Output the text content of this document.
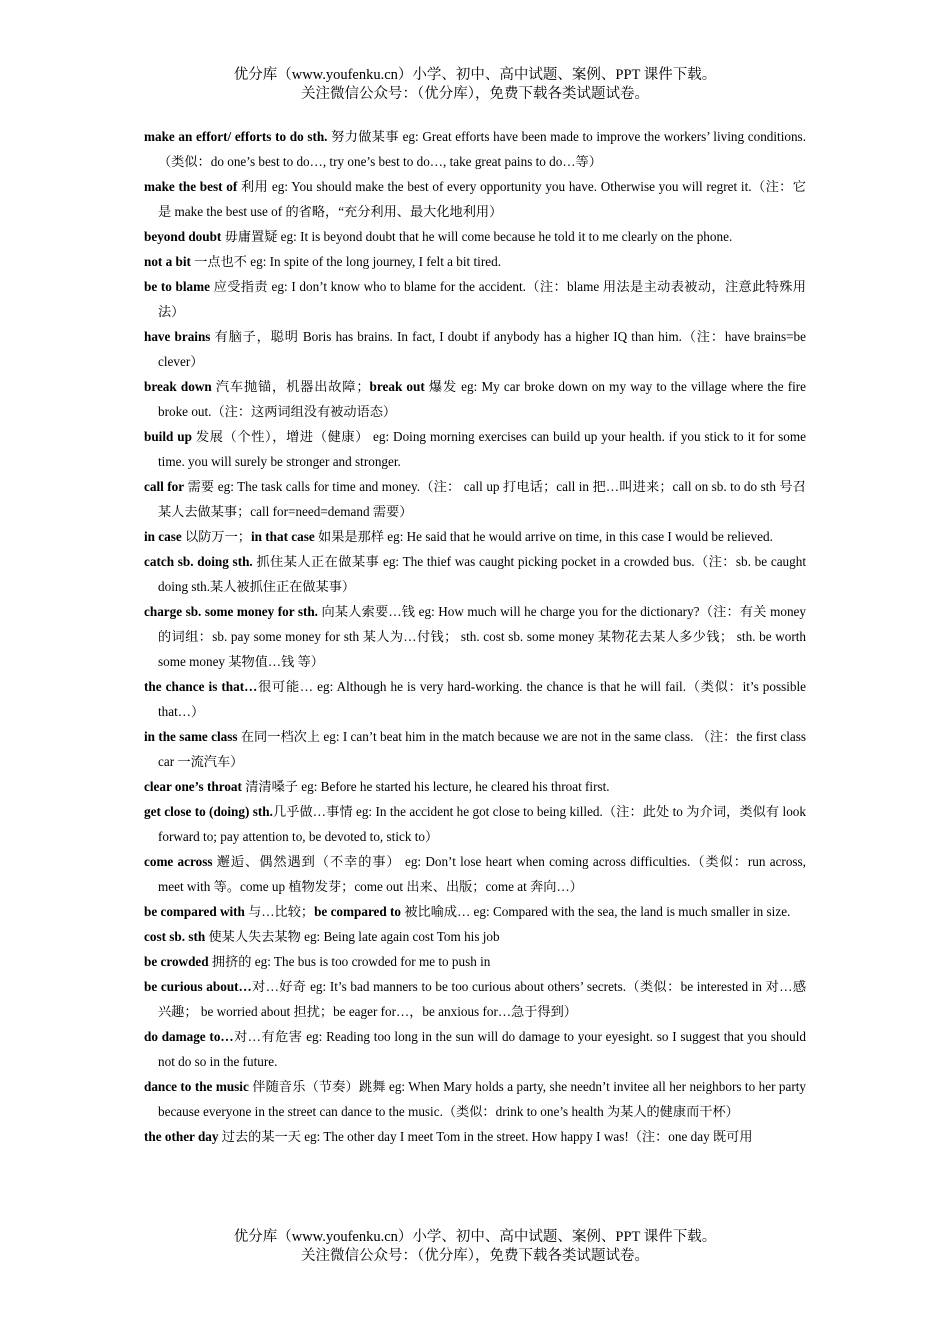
优分库（www.youfenku.cn）小学、初中、高中试题、案例、PPT 课件下载。
关注微信公众号：（优分库），免费下载各类试题试卷。

make an effort/ efforts to do sth. 努力做某事 eg: Great efforts have been made to improve the workers’ living conditions.（类似：do one’s best to do…, try one’s best to do…, take great pains to do…等）

make the best of 利用 eg: You should make the best of every opportunity you have. Otherwise you will regret it.（注：它是 make the best use of 的省略，“充分利用、最大化地利用）

beyond doubt 毋庸置疑 eg: It is beyond doubt that he will come because he told it to me clearly on the phone.

not a bit 一点也不 eg: In spite of the long journey, I felt a bit tired.

be to blame 应受指责 eg: I don’t know who to blame for the accident.（注：blame 用法是主动表被动，注意此特殊用法）

have brains 有脑子，聪明 Boris has brains. In fact, I doubt if anybody has a higher IQ than him.（注：have brains=be clever）

break down 汽车抛锚，机器出故障；break out 爆发 eg: My car broke down on my way to the village where the fire broke out.（注：这两词组没有被动语态）

build up 发展（个性），增进（健康） eg: Doing morning exercises can build up your health. if you stick to it for some time. you will surely be stronger and stronger.

call for 需要 eg: The task calls for time and money.（注： call up 打电话；call in 把…叫进来；call on sb. to do sth 号召某人去做某事；call for=need=demand 需要）

in case 以防万一；in that case 如果是那样 eg: He said that he would arrive on time, in this case I would be relieved.

catch sb. doing sth. 抓住某人正在做某事 eg: The thief was caught picking pocket in a crowded bus.（注：sb. be caught doing sth.某人被抓住正在做某事）

charge sb. some money for sth. 向某人索要…钱 eg: How much will he charge you for the dictionary?（注：有关 money 的词组：sb. pay some money for sth 某人为…付钱； sth. cost sb. some money 某物花去某人多少钱； sth. be worth some money 某物值…钱 等）

the chance is that…很可能… eg: Although he is very hard-working. the chance is that he will fail.（类似：it’s possible that…）

in the same class 在同一档次上 eg: I can’t beat him in the match because we are not in the same class. （注：the first class car 一流汽车）

clear one’s throat 清清嗓子 eg: Before he started his lecture, he cleared his throat first.

get close to (doing) sth.几乎做…事情 eg: In the accident he got close to being killed.（注：此处 to 为介词，类似有 look forward to; pay attention to, be devoted to, stick to）

come across 邂逅、偶然遇到（不幸的事） eg: Don’t lose heart when coming across difficulties.（类似：run across, meet with 等。come up 植物发芽；come out 出来、出版；come at 奔向…）

be compared with 与…比较；be compared to 被比喻成… eg: Compared with the sea, the land is much smaller in size.

cost sb. sth 使某人失去某物 eg: Being late again cost Tom his job

be crowded 拥挤的 eg: The bus is too crowded for me to push in

be curious about…对…好奇 eg: It’s bad manners to be too curious about others’ secrets.（类似：be interested in 对…感兴趣； be worried about 担扰；be eager for…，be anxious for…急于得到）

do damage to…对…有危害 eg: Reading too long in the sun will do damage to your eyesight. so I suggest that you should not do so in the future.

dance to the music 伴随音乐（节奏）跳舞 eg: When Mary holds a party, she needn’t invitee all her neighbors to her party because everyone in the street can dance to the music.（类似：drink to one’s health 为某人的健康而干杯）

the other day 过去的某一天 eg: The other day I meet Tom in the street. How happy I was!（注：one day 既可用

优分库（www.youfenku.cn）小学、初中、高中试题、案例、PPT 课件下载。
关注微信公众号：（优分库），免费下载各类试题试卷。
